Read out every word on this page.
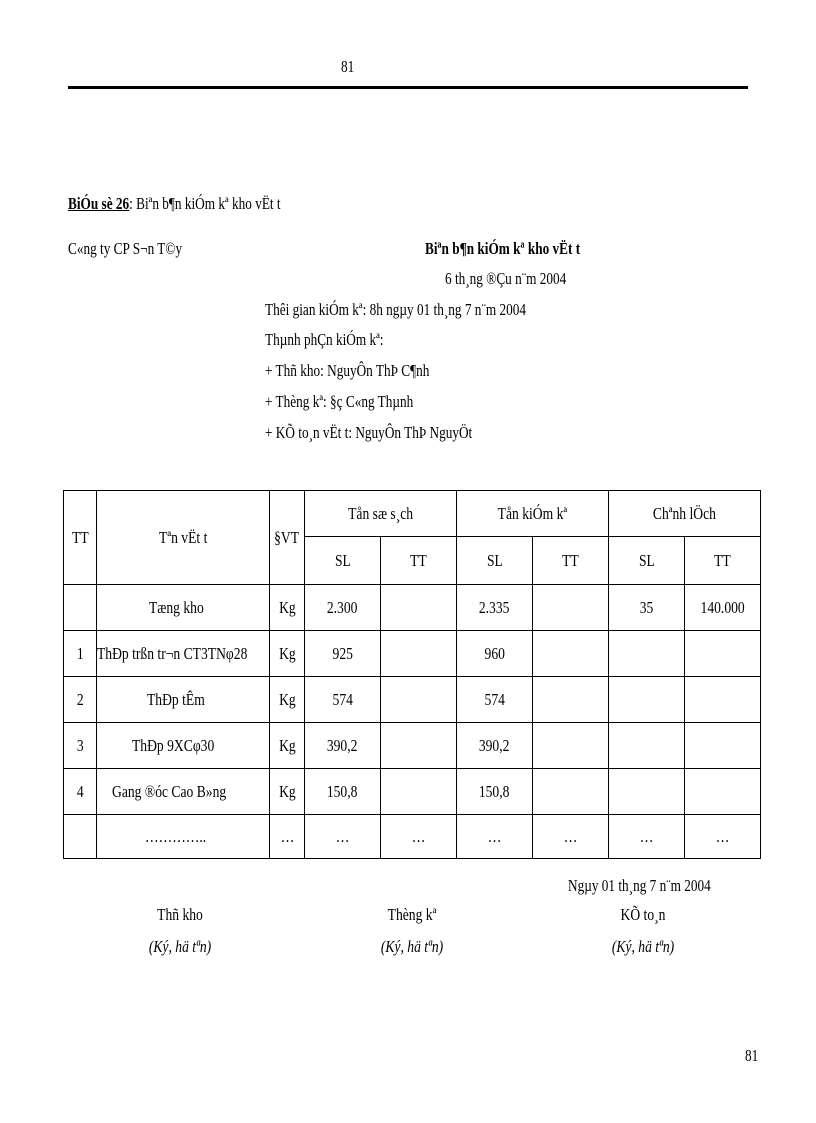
81
BiÓu sè 26: Biªn b¶n kiÓm kª kho vËt t
C«ng ty CP S¬n T©y	Biªn b¶n kiÓm kª kho vËt t
6 th¸ng ®Çu n¨m 2004
Thêi gian kiÓm kª: 8h ngµy 01 th¸ng 7 n¨m 2004
Thµnh phÇn kiÓm kª:
+ Thñ kho: NguyÔn ThÞ C¶nh
+ Thèng kª: §ç C«ng Thµnh
+ KÕ to¸n vËt t: NguyÔn ThÞ NguyÖt
TT	Tªn vËt t	§VT	Tån sæ s¸ch		Tån kiÓm kª		Chªnh lÖch	
			SL	TT	SL	TT	SL	TT
	Tæng kho	Kg	2.300		2.335		35	140.000
1	ThÐp trßn tr¬n CT3TNφ28	Kg	925		960			
2	ThÐp tÊm	Kg	574		574			
3	ThÐp 9XCφ30	Kg	390,2		390,2			
4	Gang ®óc Cao B»ng	Kg	150,8		150,8			
	…………..	…	…	…	…	…	…	…
Ngµy 01 th¸ng 7 n¨m 2004
Thñ kho
(Ký, hä tªn)
Thèng kª
(Ký, hä tªn)
KÕ to¸n
(Ký, hä tªn)
81
